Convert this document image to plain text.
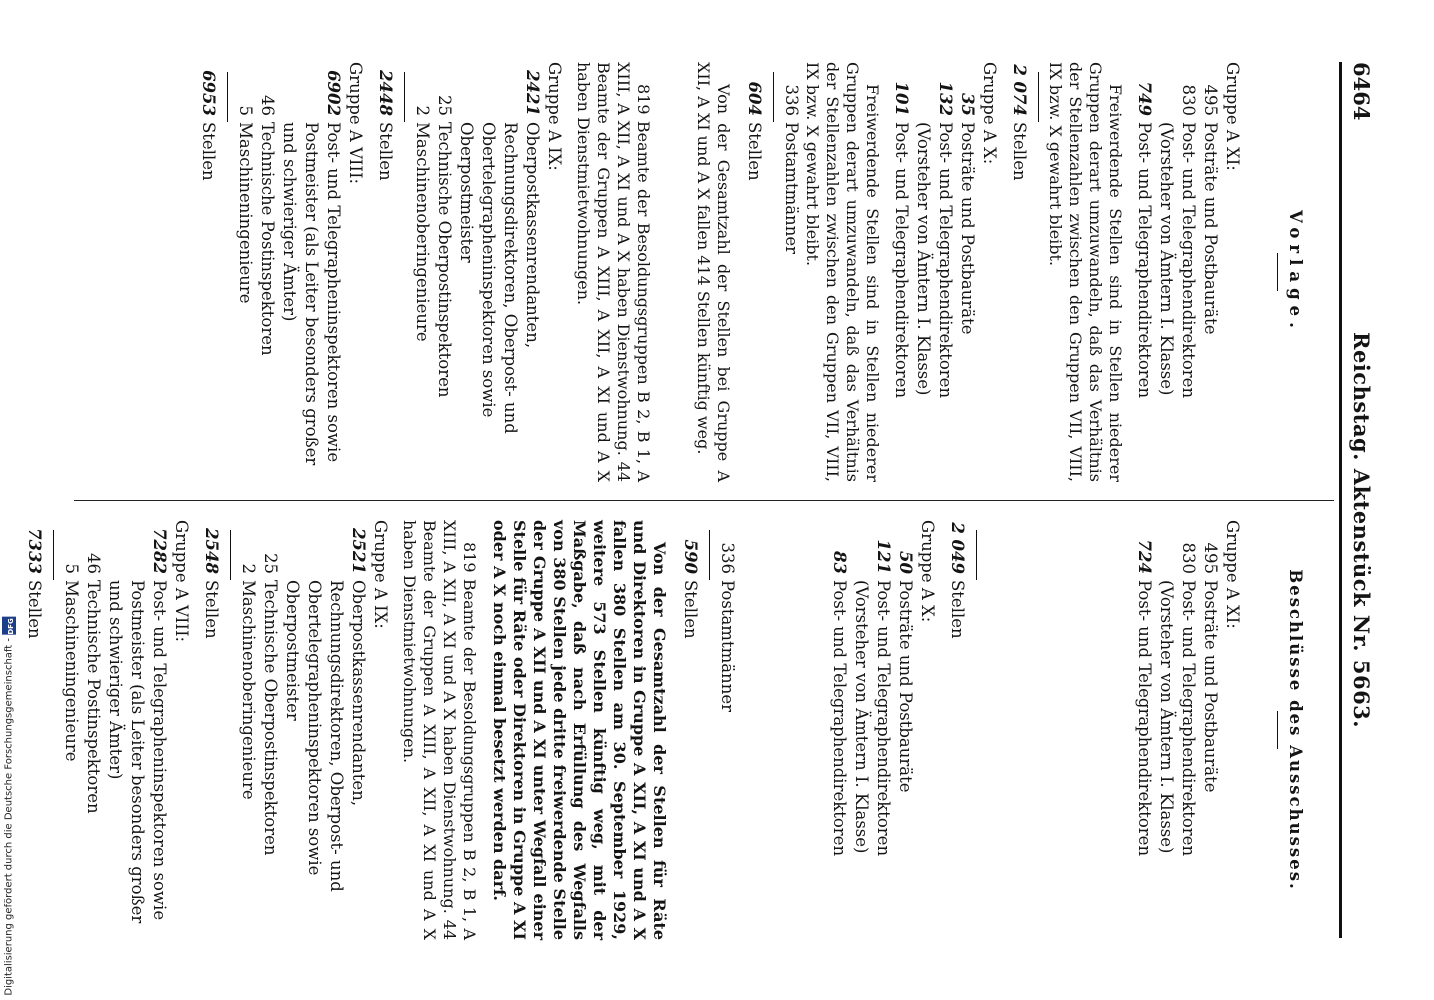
6464
Reichstag. Aktenstück Nr. 5663.
Vorlage.
Gruppe A XI:
495
Posträte und Postbauräte
830
Post- und Telegraphendirektoren (Vorsteher von Ämtern I. Klasse)
749
Post- und Telegraphendirektoren
Freiwerdende Stellen sind in Stellen niederer Gruppen derart umzuwandeln, daß das Verhältnis der Stellenzahlen zwischen den Gruppen VII, VIII, IX bzw. X gewahrt bleibt.
2 074
Stellen
Gruppe A X:
35
Posträte und Postbauräte
132
Post- und Telegraphendirektoren (Vorsteher von Ämtern I. Klasse)
101
Post- und Telegraphendirektoren
Freiwerdende Stellen sind in Stellen niederer Gruppen derart umzuwandeln, daß das Verhältnis der Stellenzahlen zwischen den Gruppen VII, VIII, IX bzw. X gewahrt bleibt.
336
Postamtmänner
604
Stellen
Von der Gesamtzahl der Stellen bei Gruppe A XII, A XI und A X fallen 414 Stellen künftig weg.
819 Beamte der Besoldungsgruppen B 2, B 1, A XIII, A XII, A XI und A X haben Dienstwohnung. 44 Beamte der Gruppen A XIII, A XII, A XI und A X haben Dienstmietwohnungen.
Gruppe A IX:
2421
Oberpostkassenrendanten, Rechnungsdirektoren, Oberpost- und Obertelegrapheninspektoren sowie Oberpostmeister
25
Technische Oberpostinspektoren
2
Maschinenoberingenieure
2448
Stellen
Gruppe A VIII:
6902
Post- und Telegrapheninspektoren sowie Postmeister (als Leiter besonders großer und schwieriger Ämter)
46
Technische Postinspektoren
5
Maschineningenieure
6953
Stellen
Beschlüsse des Ausschusses.
Gruppe A XI:
495
Posträte und Postbauräte
830
Post- und Telegraphendirektoren (Vorsteher von Ämtern I. Klasse)
724
Post- und Telegraphendirektoren
2 049
Stellen
Gruppe A X:
50
Posträte und Postbauräte
121
Post- und Telegraphendirektoren (Vorsteher von Ämtern I. Klasse)
83
Post- und Telegraphendirektoren
336
Postamtmänner
590
Stellen
Von der Gesamtzahl der Stellen für Räte und Direktoren in Gruppe A XII, A XI und A X fallen 380 Stellen am 30. September 1929, weitere 573 Stellen künftig weg, mit der Maßgabe, daß nach Erfüllung des Wegfalls von 380 Stellen jede dritte freiwerdende Stelle der Gruppe A XII und A XI unter Wegfall einer Stelle für Räte oder Direktoren in Gruppe A XI oder A X noch einmal besetzt werden darf.
819 Beamte der Besoldungsgruppen B 2, B 1, A XIII, A XII, A XI und A X haben Dienstwohnung. 44 Beamte der Gruppen A XIII, A XII, A XI und A X haben Dienstmietwohnungen.
Gruppe A IX:
2521
Oberpostkassenrendanten, Rechnungsdirektoren, Oberpost- und Obertelegrapheninspektoren sowie Oberpostmeister
25
Technische Oberpostinspektoren
2
Maschinenoberingenieure
2548
Stellen
Gruppe A VIII:
7282
Post- und Telegrapheninspektoren sowie Postmeister (als Leiter besonders großer und schwieriger Ämter)
46
Technische Postinspektoren
5
Maschineningenieure
7333
Stellen
Digitalisierung gefördert durch die Deutsche Forschungsgemeinschaft -
DFG
